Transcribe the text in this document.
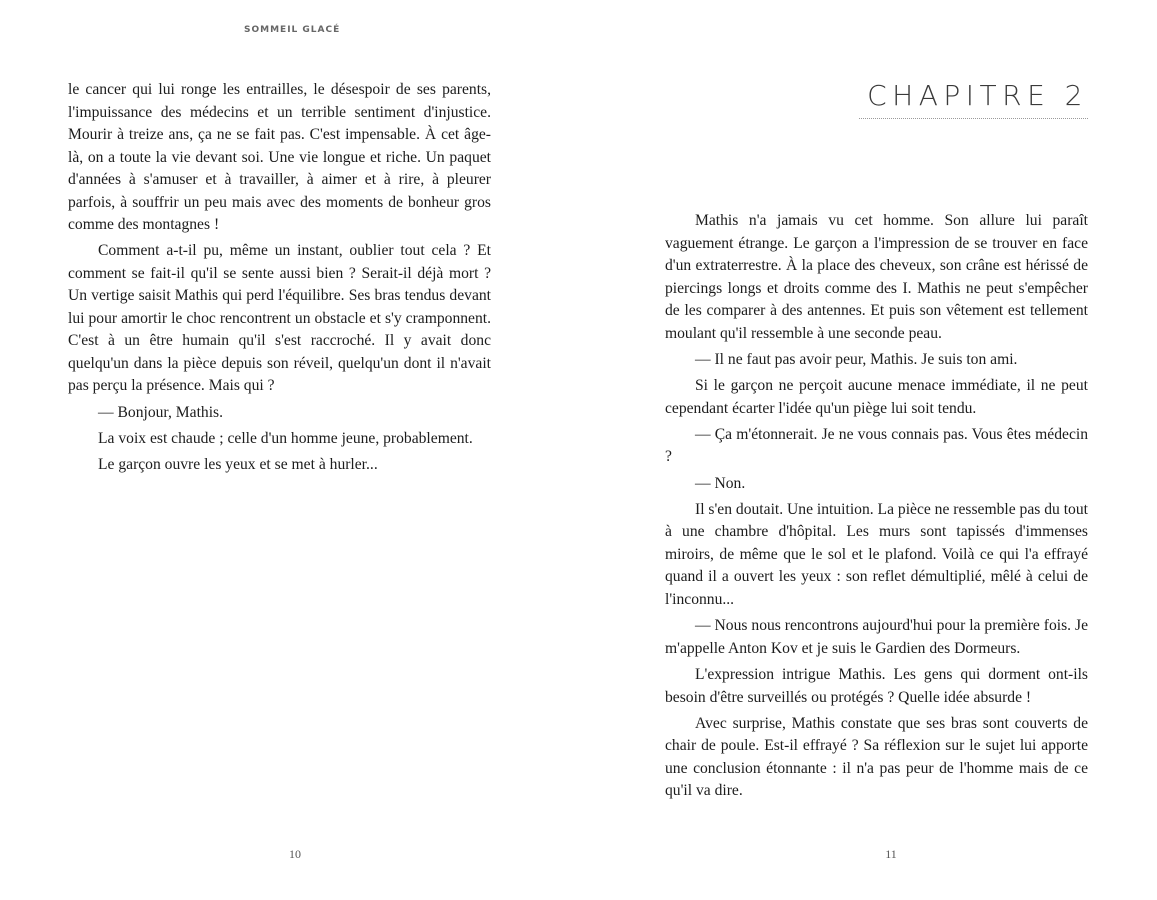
SOMMEIL GLACÉ

le cancer qui lui ronge les entrailles, le désespoir de ses parents, l'impuissance des médecins et un terrible sentiment d'injustice. Mourir à treize ans, ça ne se fait pas. C'est impensable. À cet âge-là, on a toute la vie devant soi. Une vie longue et riche. Un paquet d'années à s'amuser et à travailler, à aimer et à rire, à pleurer parfois, à souffrir un peu mais avec des moments de bonheur gros comme des montagnes !

Comment a-t-il pu, même un instant, oublier tout cela ? Et comment se fait-il qu'il se sente aussi bien ? Serait-il déjà mort ? Un vertige saisit Mathis qui perd l'équilibre. Ses bras tendus devant lui pour amortir le choc rencontrent un obstacle et s'y cramponnent. C'est à un être humain qu'il s'est raccroché. Il y avait donc quelqu'un dans la pièce depuis son réveil, quelqu'un dont il n'avait pas perçu la présence. Mais qui ?

— Bonjour, Mathis.

La voix est chaude ; celle d'un homme jeune, probablement.

Le garçon ouvre les yeux et se met à hurler...

10
CHAPITRE 2

Mathis n'a jamais vu cet homme. Son allure lui paraît vaguement étrange. Le garçon a l'impression de se trouver en face d'un extraterrestre. À la place des cheveux, son crâne est hérissé de piercings longs et droits comme des I. Mathis ne peut s'empêcher de les comparer à des antennes. Et puis son vêtement est tellement moulant qu'il ressemble à une seconde peau.

— Il ne faut pas avoir peur, Mathis. Je suis ton ami.

Si le garçon ne perçoit aucune menace immédiate, il ne peut cependant écarter l'idée qu'un piège lui soit tendu.

— Ça m'étonnerait. Je ne vous connais pas. Vous êtes médecin ?

— Non.

Il s'en doutait. Une intuition. La pièce ne ressemble pas du tout à une chambre d'hôpital. Les murs sont tapissés d'immenses miroirs, de même que le sol et le plafond. Voilà ce qui l'a effrayé quand il a ouvert les yeux : son reflet démultiplié, mêlé à celui de l'inconnu...

— Nous nous rencontrons aujourd'hui pour la première fois. Je m'appelle Anton Kov et je suis le Gardien des Dormeurs.

L'expression intrigue Mathis. Les gens qui dorment ont-ils besoin d'être surveillés ou protégés ? Quelle idée absurde !

Avec surprise, Mathis constate que ses bras sont couverts de chair de poule. Est-il effrayé ? Sa réflexion sur le sujet lui apporte une conclusion étonnante : il n'a pas peur de l'homme mais de ce qu'il va dire.

11
